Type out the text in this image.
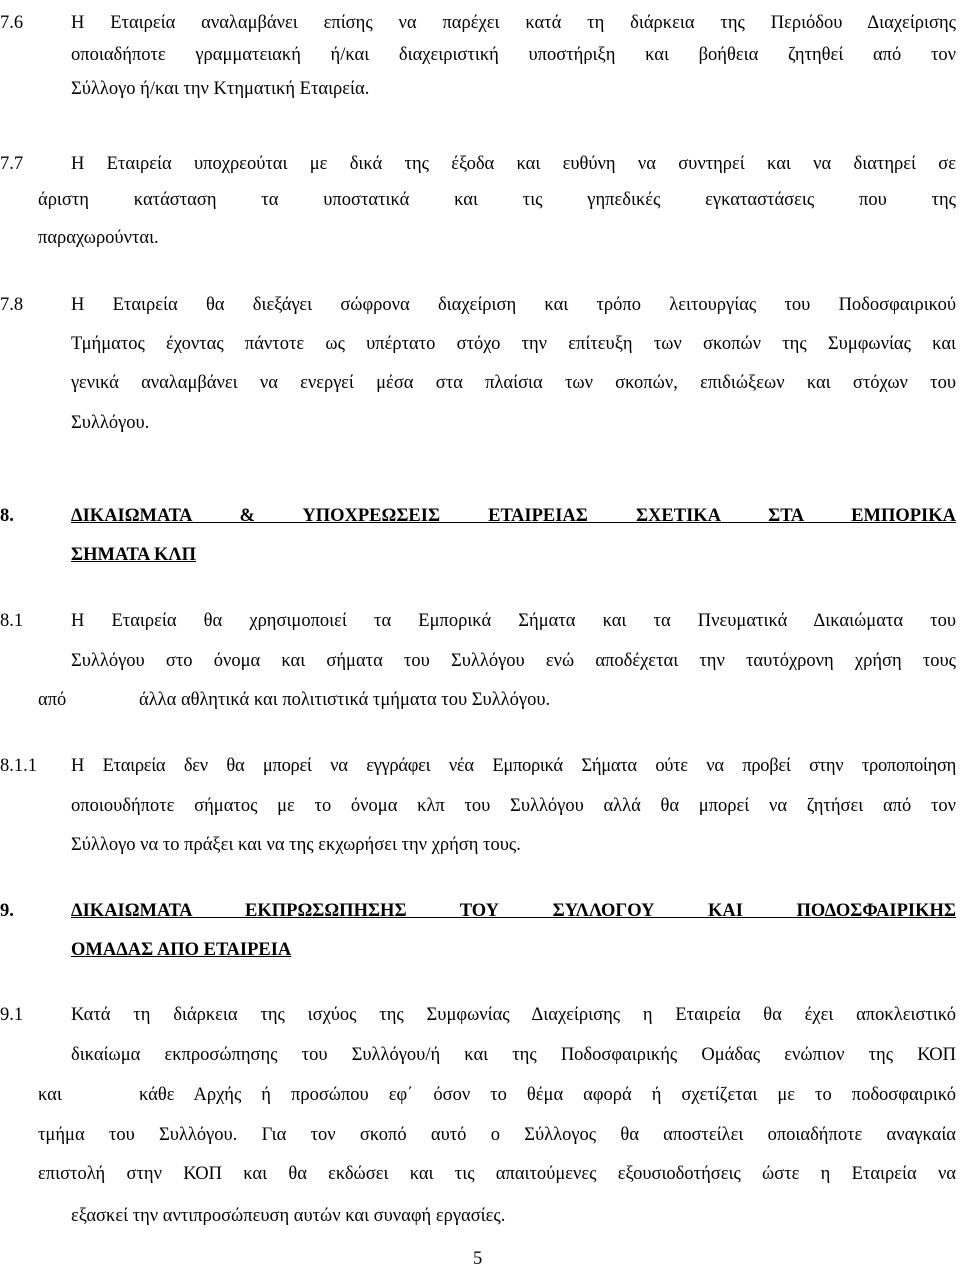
7.6	Η Εταιρεία αναλαμβάνει επίσης να παρέχει κατά τη διάρκεια της Περιόδου Διαχείρισης
οποιαδήποτε γραμματειακή ή/και διαχειριστική υποστήριξη και βοήθεια ζητηθεί από τον
Σύλλογο ή/και την Κτηματική Εταιρεία.
7.7	Η Εταιρεία υποχρεούται με δικά της έξοδα και ευθύνη να συντηρεί και να διατηρεί σε
άριστη κατάσταση τα υποστατικά και τις γηπεδικές εγκαταστάσεις που της
παραχωρούνται.
7.8	Η Εταιρεία θα διεξάγει σώφρονα διαχείριση και τρόπο λειτουργίας του Ποδοσφαιρικού
Τμήματος έχοντας πάντοτε ως υπέρτατο στόχο την επίτευξη των σκοπών της Συμφωνίας και
γενικά αναλαμβάνει να ενεργεί μέσα στα πλαίσια των σκοπών, επιδιώξεων και στόχων του
Συλλόγου.
8.	ΔΙΚΑΙΩΜΑΤΑ & ΥΠΟΧΡΕΩΣΕΙΣ ΕΤΑΙΡΕΙΑΣ ΣΧΕΤΙΚΑ ΣΤΑ ΕΜΠΟΡΙΚΑ
ΣΗΜΑΤΑ ΚΛΠ
8.1	Η Εταιρεία θα χρησιμοποιεί τα Εμπορικά Σήματα και τα Πνευματικά Δικαιώματα του
Συλλόγου στο όνομα και σήματα του Συλλόγου ενώ αποδέχεται την ταυτόχρονη χρήση τους
από	άλλα αθλητικά και πολιτιστικά τμήματα του Συλλόγου.
8.1.1 Η Εταιρεία δεν θα μπορεί να εγγράφει νέα Εμπορικά Σήματα ούτε να προβεί στην τροποποίηση
οποιουδήποτε σήματος με το όνομα κλπ του Συλλόγου αλλά θα μπορεί να ζητήσει από τον
Σύλλογο να το πράξει και να της εκχωρήσει την χρήση τους.
9.	ΔΙΚΑΙΩΜΑΤΑ ΕΚΠΡΩΣΩΠΗΣΗΣ ΤΟΥ ΣΥΛΛΟΓΟΥ ΚΑΙ ΠΟΔΟΣΦΑΙΡΙΚΗΣ
ΟΜΑΔΑΣ ΑΠΟ ΕΤΑΙΡΕΙΑ
9.1	Κατά τη διάρκεια της ισχύος της Συμφωνίας Διαχείρισης η Εταιρεία θα έχει αποκλειστικό
δικαίωμα εκπροσώπησης του Συλλόγου/ή και της Ποδοσφαιρικής Ομάδας ενώπιον της ΚΟΠ
και	κάθε Αρχής ή προσώπου εφ΄ όσον το θέμα αφορά ή σχετίζεται με το ποδοσφαιρικό
τμήμα του Συλλόγου. Για τον σκοπό αυτό ο Σύλλογος θα αποστείλει οποιαδήποτε αναγκαία
επιστολή στην ΚΟΠ και θα εκδώσει και τις απαιτούμενες εξουσιοδοτήσεις ώστε η Εταιρεία να
εξασκεί την αντιπροσώπευση αυτών και συναφή εργασίες.
5
